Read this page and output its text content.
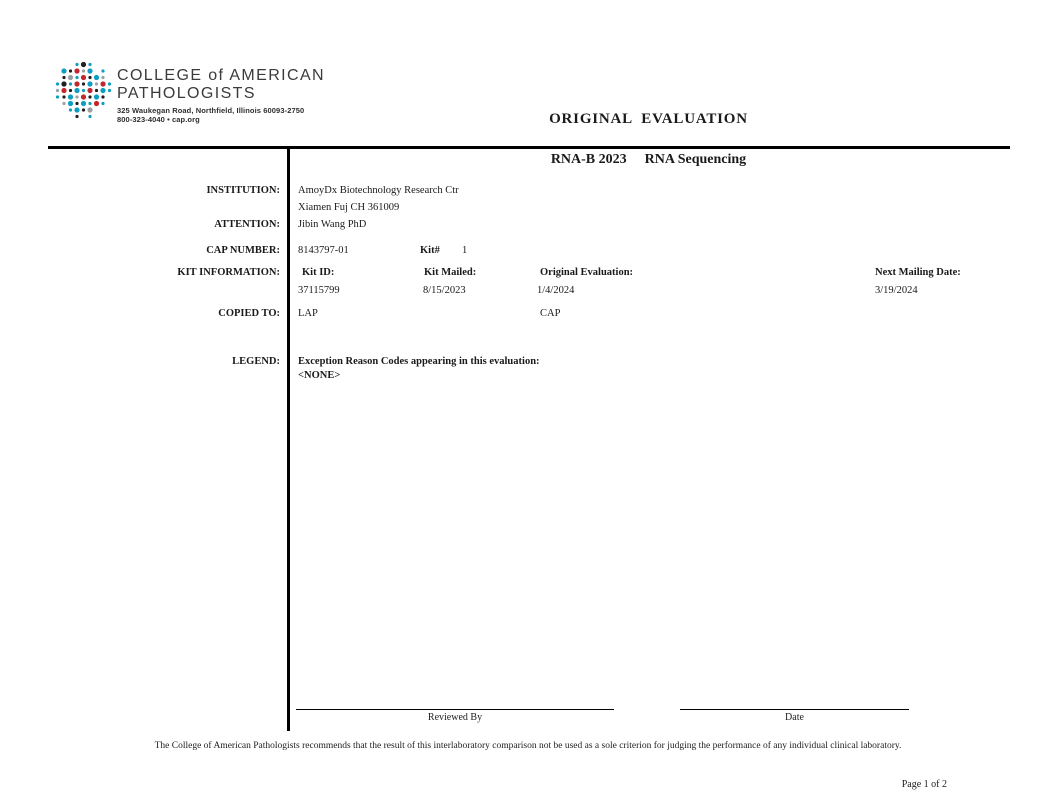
COLLEGE of AMERICAN
PATHOLOGISTS
325 Waukegan Road, Northfield, Illinois 60093-2750
800-323-4040 • cap.org	ORIGINAL  EVALUATION
RNA-B 2023 RNA Sequencing
INSTITUTION: AmoyDx Biotechnology Research Ctr
Xiamen Fuj CH 361009
ATTENTION: Jibin Wang PhD
CAP NUMBER: 8143797-01	Kit# 1
KIT INFORMATION: Kit ID:
37115799
Kit Mailed:
8/15/2023
Original Evaluation:
1/4/2024
Next Mailing Date:
3/19/2024
COPIED TO: LAP	CAP
LEGEND: Exception Reason Codes appearing in this evaluation:
<NONE>
Reviewed By	Date
The College of American Pathologists recommends that the result of this interlaboratory comparison not be used as a sole criterion for judging the performance of any individual clinical laboratory.
Page 1 of 2
